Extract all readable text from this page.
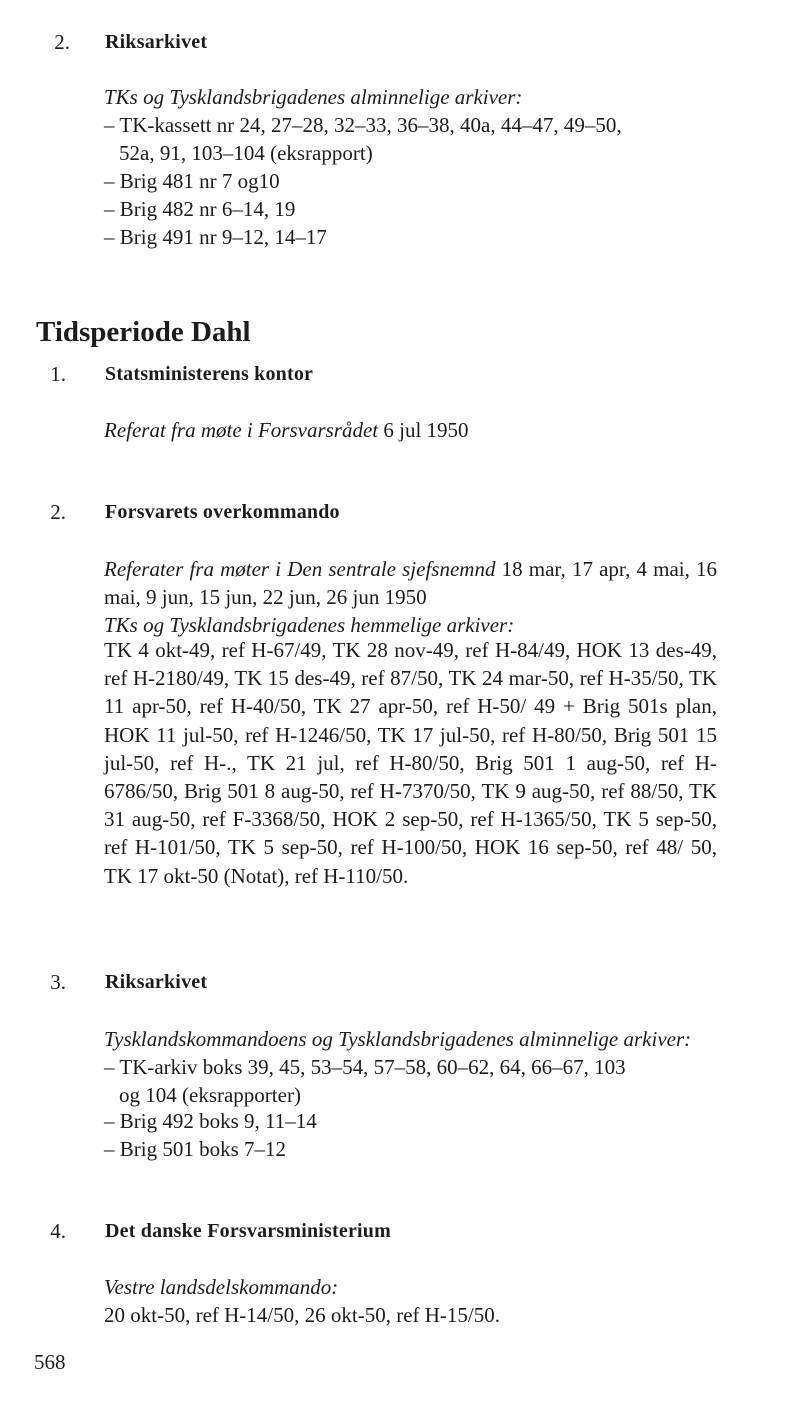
2. Riksarkivet
TKs og Tysklandsbrigadenes alminnelige arkiver:
– TK-kassett nr 24, 27–28, 32–33, 36–38, 40a, 44–47, 49–50,
52a, 91, 103–104 (eksrapport)
– Brig 481 nr 7 og10
– Brig 482 nr 6–14, 19
– Brig 491 nr 9–12, 14–17
Tidsperiode Dahl
1. Statsministerens kontor
Referat fra møte i Forsvarsrådet 6 jul 1950
2. Forsvarets overkommando
Referater fra møter i Den sentrale sjefsnemnd 18 mar, 17 apr, 4 mai, 16 mai, 9 jun, 15 jun, 22 jun, 26 jun 1950
TKs og Tysklandsbrigadenes hemmelige arkiver:
TK 4 okt-49, ref H-67/49, TK 28 nov-49, ref H-84/49, HOK 13 des-49, ref H-2180/49, TK 15 des-49, ref 87/50, TK 24 mar-50, ref H-35/50, TK 11 apr-50, ref H-40/50, TK 27 apr-50, ref H-50/ 49 + Brig 501s plan, HOK 11 jul-50, ref H-1246/50, TK 17 jul-50, ref H-80/50, Brig 501 15 jul-50, ref H-., TK 21 jul, ref H-80/50, Brig 501 1 aug-50, ref H-6786/50, Brig 501 8 aug-50, ref H-7370/50, TK 9 aug-50, ref 88/50, TK 31 aug-50, ref F-3368/50, HOK 2 sep-50, ref H-1365/50, TK 5 sep-50, ref H-101/50, TK 5 sep-50, ref H-100/50, HOK 16 sep-50, ref 48/ 50, TK 17 okt-50 (Notat), ref H-110/50.
3. Riksarkivet
Tysklandskommandoens og Tysklandsbrigadenes alminnelige arkiver:
– TK-arkiv boks 39, 45, 53–54, 57–58, 60–62, 64, 66–67, 103
og 104 (eksrapporter)
– Brig 492 boks 9, 11–14
– Brig 501 boks 7–12
4. Det danske Forsvarsministerium
Vestre landsdelskommando:
20 okt-50, ref H-14/50, 26 okt-50, ref H-15/50.
568
